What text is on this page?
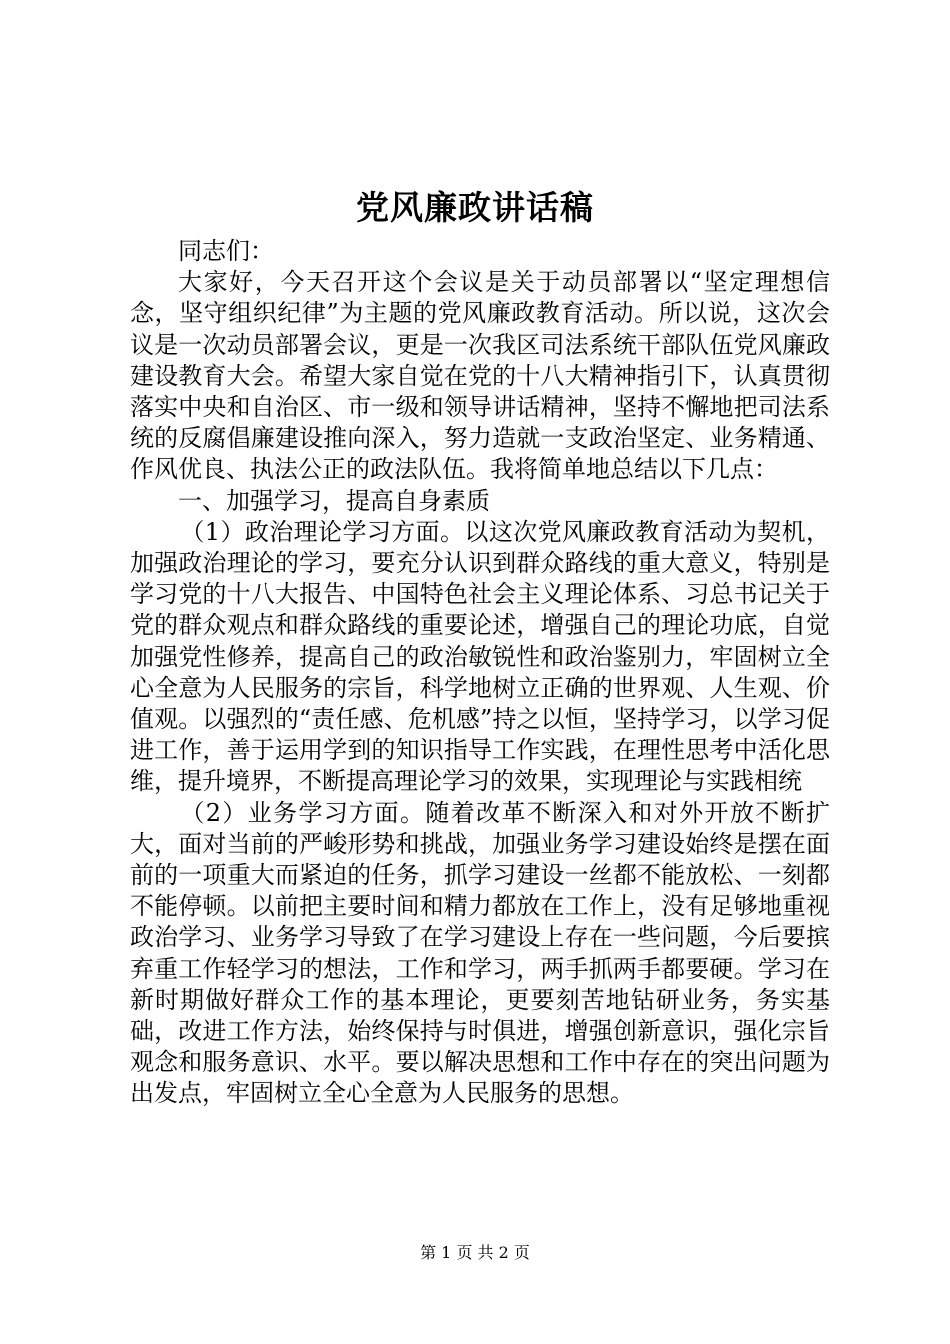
党风廉政讲话稿

同志们：

大家好，今天召开这个会议是关于动员部署以“坚定理想信念，坚守组织纪律”为主题的党风廉政教育活动。所以说，这次会议是一次动员部署会议，更是一次我区司法系统干部队伍党风廉政建设教育大会。希望大家自觉在党的十八大精神指引下，认真贯彻落实中央和自治区、市一级和领导讲话精神，坚持不懈地把司法系统的反腐倡廉建设推向深入，努力造就一支政治坚定、业务精通、作风优良、执法公正的政法队伍。我将简单地总结以下几点：

一、加强学习，提高自身素质

（1）政治理论学习方面。以这次党风廉政教育活动为契机，加强政治理论的学习，要充分认识到群众路线的重大意义，特别是学习党的十八大报告、中国特色社会主义理论体系、习总书记关于党的群众观点和群众路线的重要论述，增强自己的理论功底，自觉加强党性修养，提高自己的政治敏锐性和政治鉴别力，牢固树立全心全意为人民服务的宗旨，科学地树立正确的世界观、人生观、价值观。以强烈的“责任感、危机感”持之以恒，坚持学习，以学习促进工作，善于运用学到的知识指导工作实践，在理性思考中活化思维，提升境界，不断提高理论学习的效果，实现理论与实践相统

（2）业务学习方面。随着改革不断深入和对外开放不断扩大，面对当前的严峻形势和挑战，加强业务学习建设始终是摆在面前的一项重大而紧迫的任务，抓学习建设一丝都不能放松、一刻都不能停顿。以前把主要时间和精力都放在工作上，没有足够地重视政治学习、业务学习导致了在学习建设上存在一些问题，今后要摈弃重工作轻学习的想法，工作和学习，两手抓两手都要硬。学习在新时期做好群众工作的基本理论，更要刻苦地钻研业务，务实基础，改进工作方法，始终保持与时俱进，增强创新意识，强化宗旨观念和服务意识、水平。要以解决思想和工作中存在的突出问题为出发点，牢固树立全心全意为人民服务的思想。

第 1 页 共 2 页
